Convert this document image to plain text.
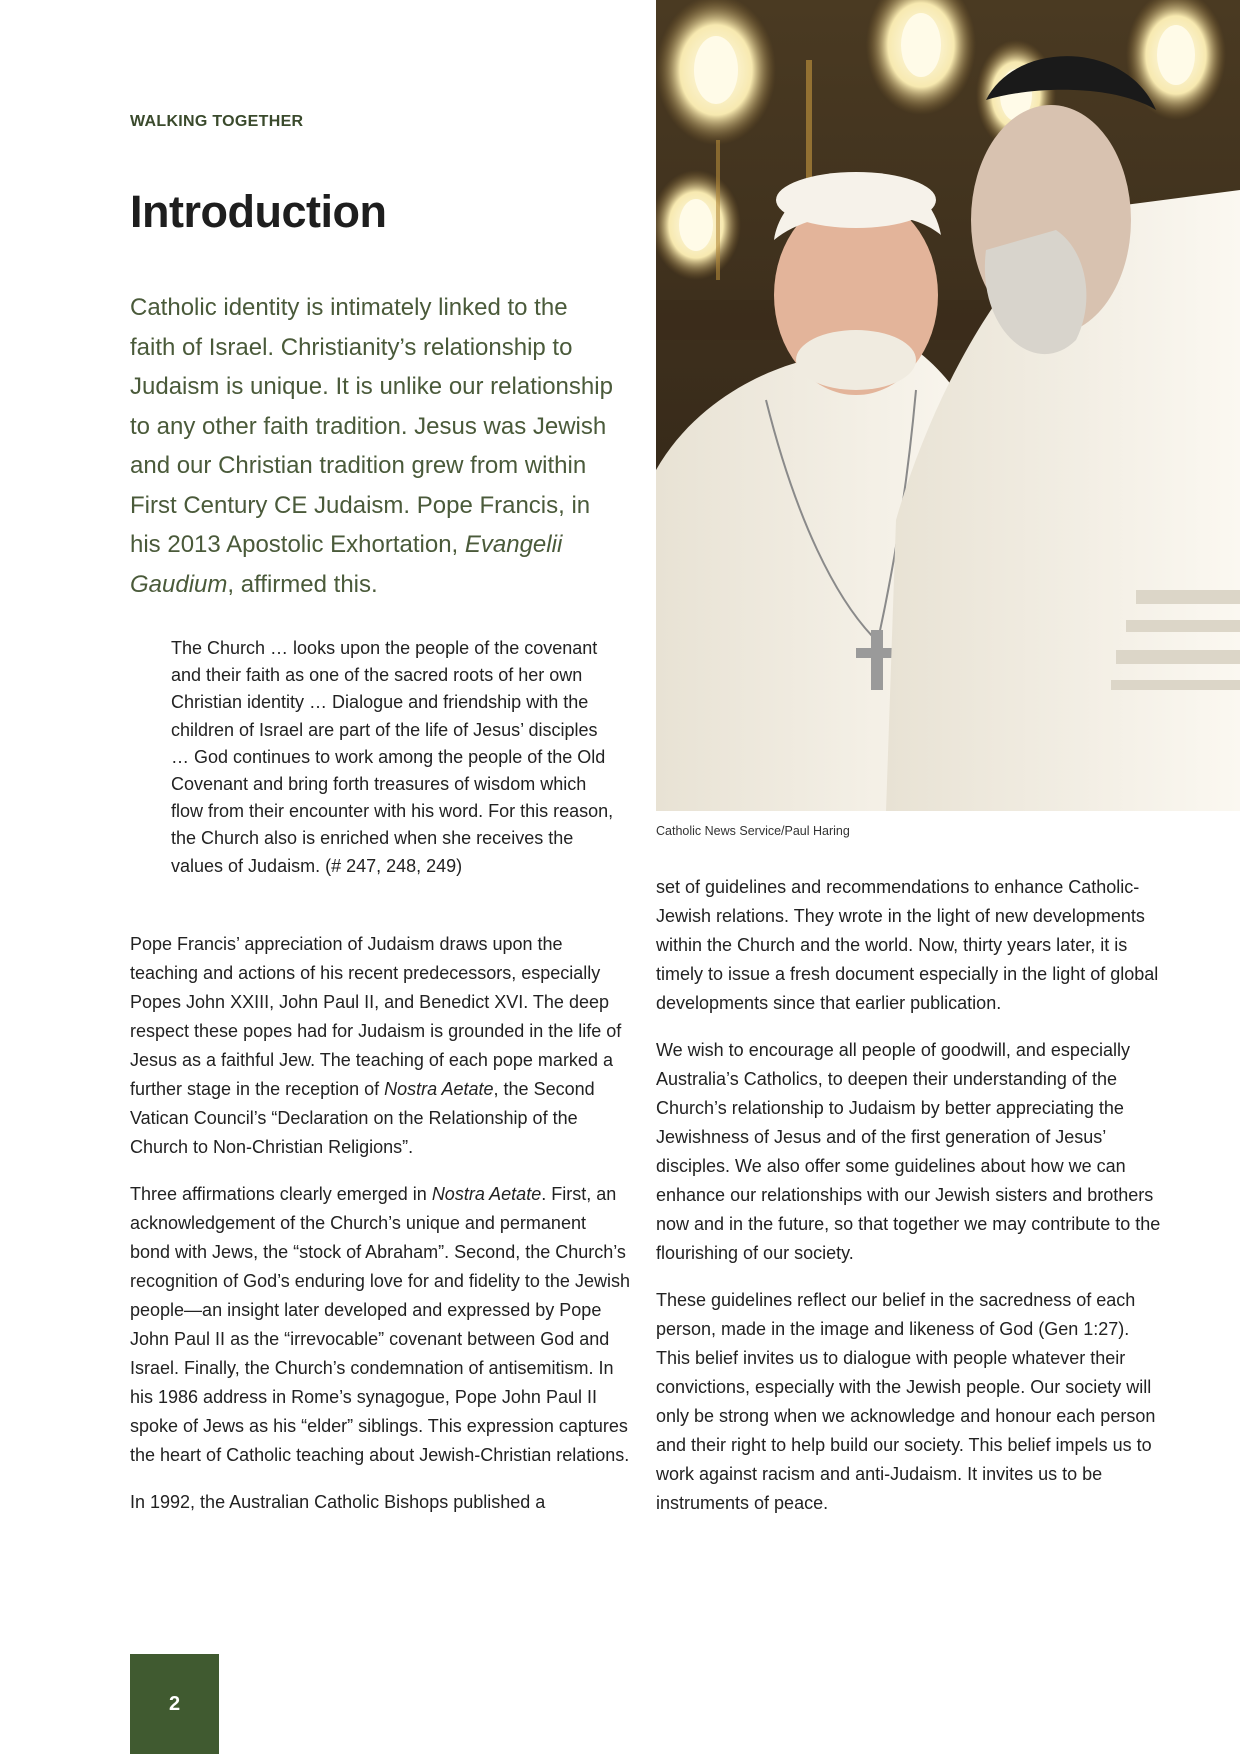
WALKING TOGETHER
Introduction

Catholic identity is intimately linked to the faith of Israel. Christianity’s relationship to Judaism is unique. It is unlike our relationship to any other faith tradition. Jesus was Jewish and our Christian tradition grew from within First Century CE Judaism. Pope Francis, in his 2013 Apostolic Exhortation, Evangelii Gaudium, affirmed this.

The Church … looks upon the people of the covenant and their faith as one of the sacred roots of her own Christian identity … Dialogue and friendship with the children of Israel are part of the life of Jesus’ disciples … God continues to work among the people of the Old Covenant and bring forth treasures of wisdom which flow from their encounter with his word. For this reason, the Church also is enriched when she receives the values of Judaism. (# 247, 248, 249)

Pope Francis’ appreciation of Judaism draws upon the teaching and actions of his recent predecessors, especially Popes John XXIII, John Paul II, and Benedict XVI. The deep respect these popes had for Judaism is grounded in the life of Jesus as a faithful Jew. The teaching of each pope marked a further stage in the reception of Nostra Aetate, the Second Vatican Council’s “Declaration on the Relationship of the Church to Non-Christian Religions”.

Three affirmations clearly emerged in Nostra Aetate. First, an acknowledgement of the Church’s unique and permanent bond with Jews, the “stock of Abraham”. Second, the Church’s recognition of God’s enduring love for and fidelity to the Jewish people—an insight later developed and expressed by Pope John Paul II as the “irrevocable” covenant between God and Israel. Finally, the Church’s condemnation of antisemitism. In his 1986 address in Rome’s synagogue, Pope John Paul II spoke of Jews as his “elder” siblings. This expression captures the heart of Catholic teaching about Jewish-Christian relations.

In 1992, the Australian Catholic Bishops published a

Catholic News Service/Paul Haring

set of guidelines and recommendations to enhance Catholic-Jewish relations. They wrote in the light of new developments within the Church and the world. Now, thirty years later, it is timely to issue a fresh document especially in the light of global developments since that earlier publication.

We wish to encourage all people of goodwill, and especially Australia’s Catholics, to deepen their understanding of the Church’s relationship to Judaism by better appreciating the Jewishness of Jesus and of the first generation of Jesus’ disciples. We also offer some guidelines about how we can enhance our relationships with our Jewish sisters and brothers now and in the future, so that together we may contribute to the flourishing of our society.

These guidelines reflect our belief in the sacredness of each person, made in the image and likeness of God (Gen 1:27). This belief invites us to dialogue with people whatever their convictions, especially with the Jewish people. Our society will only be strong when we acknowledge and honour each person and their right to help build our society. This belief impels us to work against racism and anti-Judaism. It invites us to be instruments of peace.

2
